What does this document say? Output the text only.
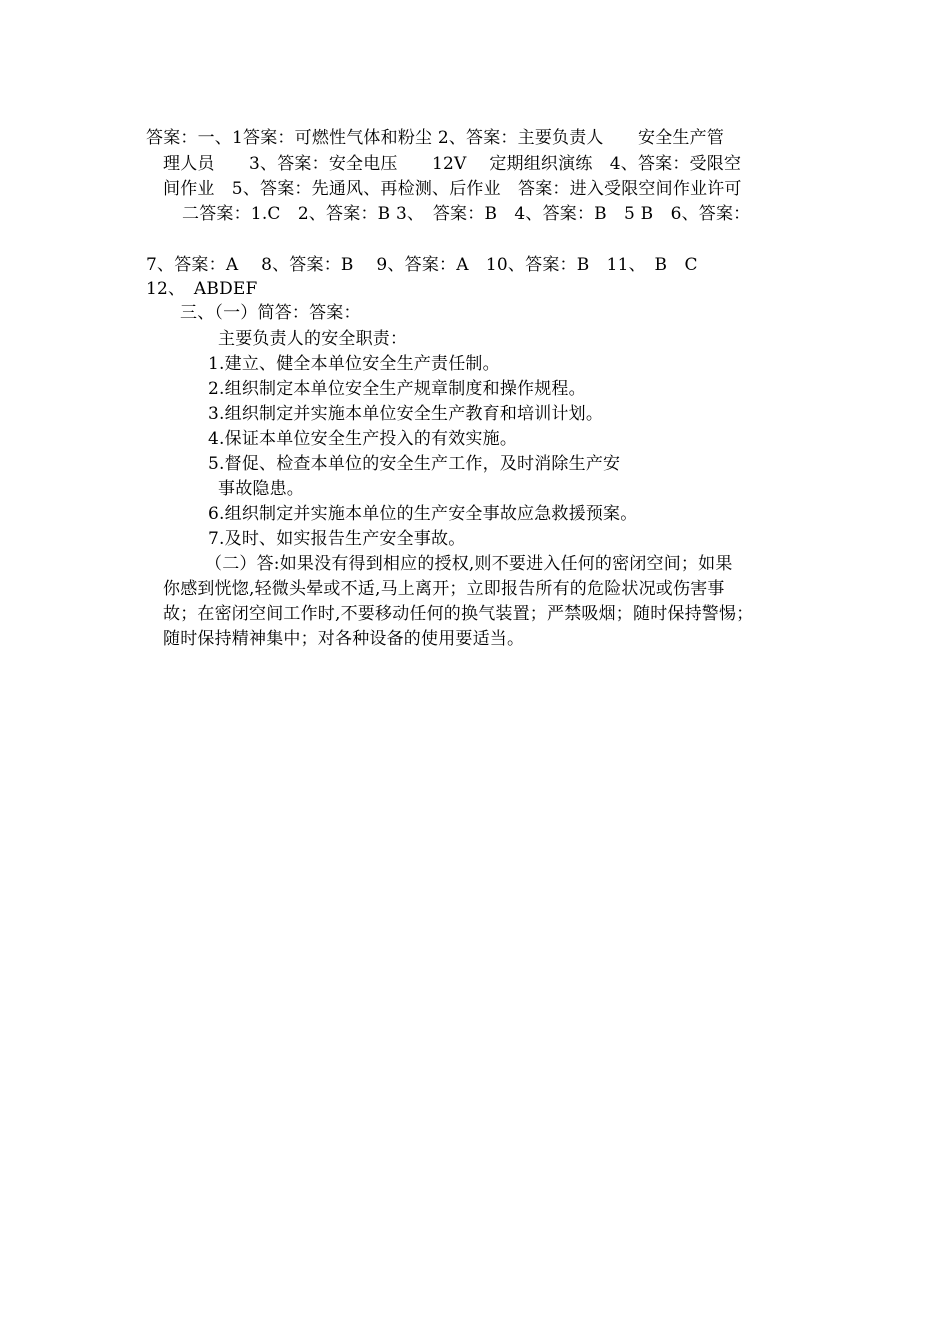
答案：一、1答案：可燃性气体和粉尘 2、答案：主要负责人　　安全生产管
理人员　　3、答案：安全电压　　12V　 定期组织演练　4、答案：受限空
间作业　5、答案：先通风、再检测、后作业　答案：进入受限空间作业许可
二答案：1.C　2、答案：B 3、　答案：B　4、答案：B　5 B　6、答案：
7、答案：A　 8、答案：B　 9、答案：A　10、答案：B　11、　B　C
12、　ABDEF
三、（一）简答：答案：
主要负责人的安全职责：
1.建立、健全本单位安全生产责任制。
2.组织制定本单位安全生产规章制度和操作规程。
3.组织制定并实施本单位安全生产教育和培训计划。
4.保证本单位安全生产投入的有效实施。
5.督促、检查本单位的安全生产工作，及时消除生产安
事故隐患。
6.组织制定并实施本单位的生产安全事故应急救援预案。
7.及时、如实报告生产安全事故。
（二）答:如果没有得到相应的授权,则不要进入任何的密闭空间；如果
你感到恍惚,轻微头晕或不适,马上离开；立即报告所有的危险状况或伤害事
故；在密闭空间工作时,不要移动任何的换气装置；严禁吸烟；随时保持警惕；
随时保持精神集中；对各种设备的使用要适当。
